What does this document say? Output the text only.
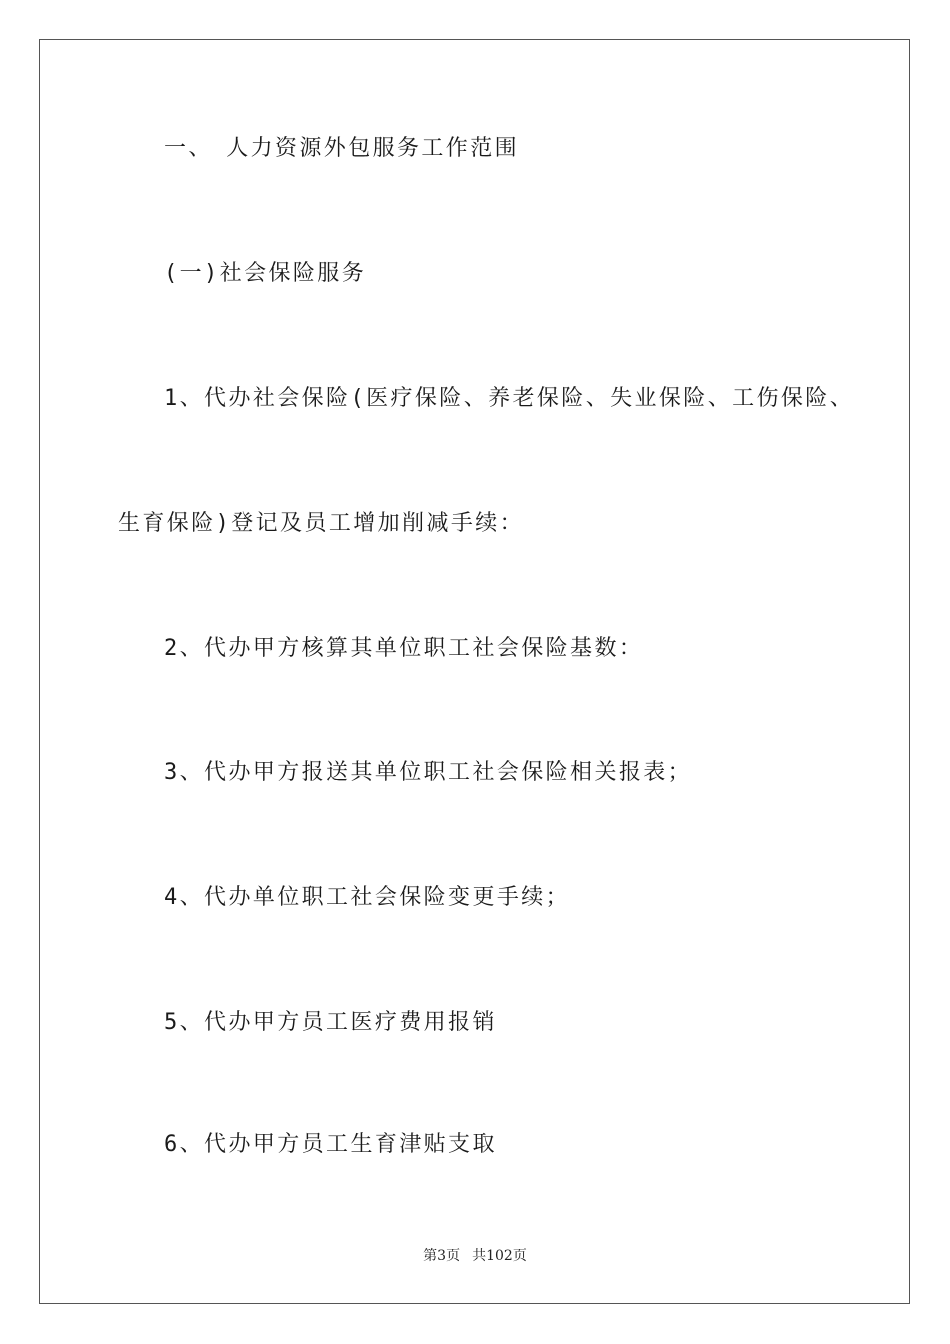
一、　人力资源外包服务工作范围
(一)社会保险服务
1、代办社会保险(医疗保险、养老保险、失业保险、工伤保险、
生育保险)登记及员工增加削减手续：
2、代办甲方核算其单位职工社会保险基数：
3、代办甲方报送其单位职工社会保险相关报表；
4、代办单位职工社会保险变更手续；
5、代办甲方员工医疗费用报销
6、代办甲方员工生育津贴支取
第3页 共102页
